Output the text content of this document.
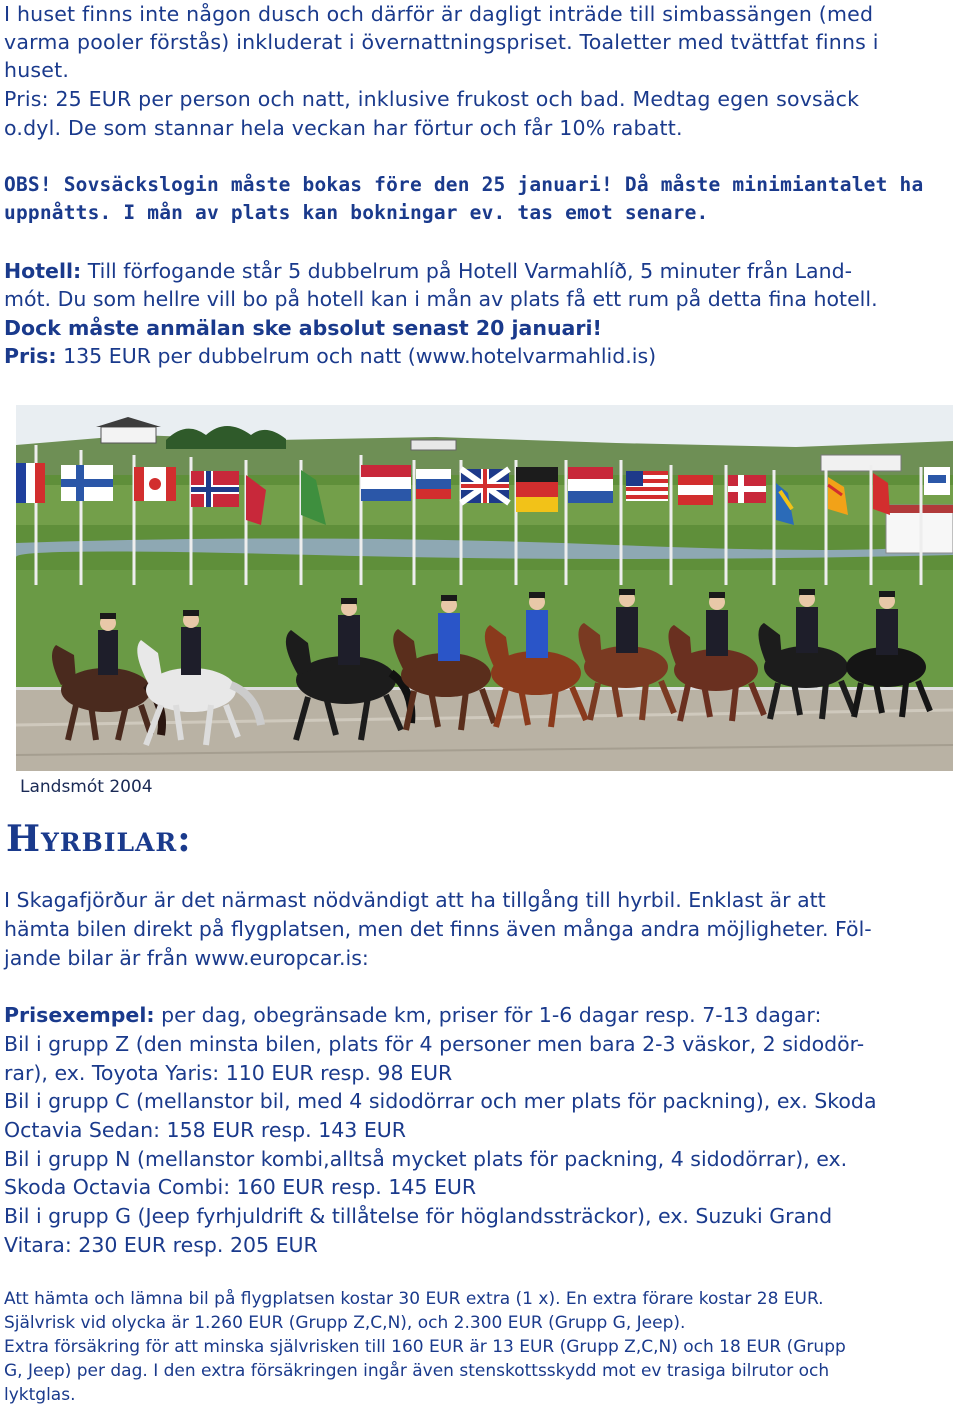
I huset finns inte någon dusch och därför är dagligt inträde till simbassängen (med

varma pooler förstås) inkluderat i övernattningspriset. Toaletter med tvättfat finns i

huset.

Pris: 25 EUR per person och natt, inklusive frukost och bad. Medtag egen sovsäck

o.dyl. De som stannar hela veckan har förtur och får 10% rabatt.

OBS! Sovsäckslogin måste bokas före den 25 januari! Då måste minimiantalet ha

uppnåtts. I mån av plats kan bokningar ev. tas emot senare.

Hotell: Till förfogande står 5 dubbelrum på Hotell Varmahlíð, 5 minuter från Land-

mót. Du som hellre vill bo på hotell kan i mån av plats få ett rum på detta fina hotell.

Dock måste anmälan ske absolut senast 20 januari!

Pris: 135 EUR per dubbelrum och natt (www.hotelvarmahlid.is)

Landsmót 2004
Hyrbilar:

I Skagafjörður är det närmast nödvändigt att ha tillgång till hyrbil. Enklast är att

hämta bilen direkt på flygplatsen, men det finns även många andra möjligheter. Föl-

jande bilar är från www.europcar.is:

Prisexempel: per dag, obegränsade km, priser för 1-6 dagar resp. 7-13 dagar:

Bil i grupp Z (den minsta bilen, plats för 4 personer men bara 2-3 väskor, 2 sidodör-

rar), ex. Toyota Yaris: 110 EUR resp. 98 EUR

Bil i grupp C (mellanstor bil, med 4 sidodörrar och mer plats för packning), ex. Skoda

Octavia Sedan: 158 EUR resp. 143 EUR

Bil i grupp N (mellanstor kombi,alltså mycket plats för packning, 4 sidodörrar), ex.

Skoda Octavia Combi: 160 EUR resp. 145 EUR

Bil i grupp G (Jeep fyrhjuldrift & tillåtelse för höglandssträckor), ex. Suzuki Grand

Vitara: 230 EUR resp. 205 EUR

Att hämta och lämna bil på flygplatsen kostar 30 EUR extra (1 x). En extra förare kostar 28 EUR.

Självrisk vid olycka är 1.260 EUR (Grupp Z,C,N), och 2.300 EUR (Grupp G, Jeep).

Extra försäkring för att minska självrisken till 160 EUR är 13 EUR (Grupp Z,C,N) och 18 EUR (Grupp

G, Jeep) per dag. I den extra försäkringen ingår även stenskottsskydd mot ev trasiga bilrutor och

lyktglas.
